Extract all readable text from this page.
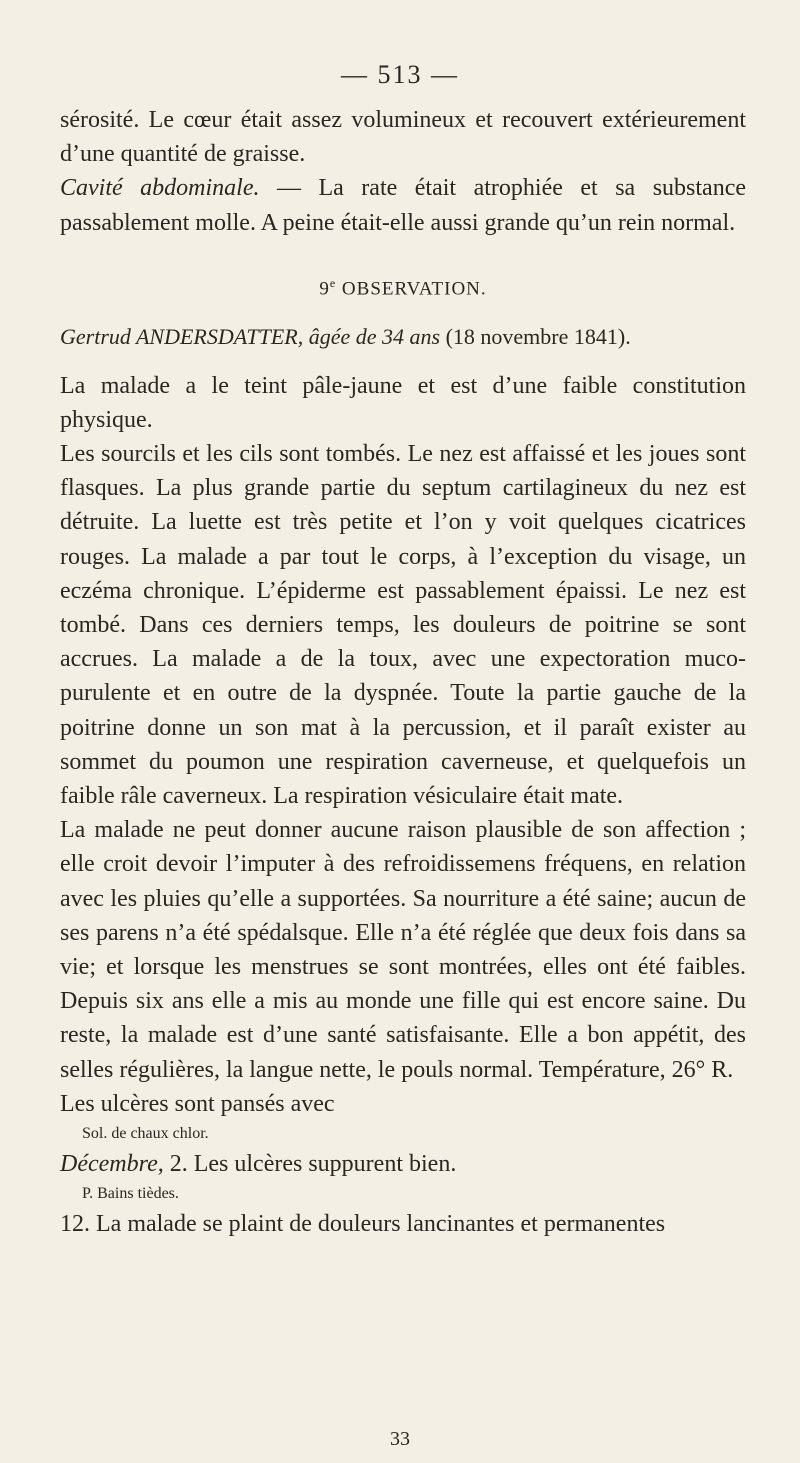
— 513 —

sérosité. Le cœur était assez volumineux et recouvert extérieurement d’une quantité de graisse.

Cavité abdominale. — La rate était atrophiée et sa substance passablement molle. A peine était-elle aussi grande qu’un rein normal.

9e OBSERVATION.
Gertrud ANDERSDATTER, âgée de 34 ans (18 novembre 1841).

La malade a le teint pâle-jaune et est d’une faible constitution physique.

Les sourcils et les cils sont tombés. Le nez est affaissé et les joues sont flasques. La plus grande partie du septum cartilagineux du nez est détruite. La luette est très petite et l’on y voit quelques cicatrices rouges. La malade a par tout le corps, à l’exception du visage, un eczéma chronique. L’épiderme est passablement épaissi. Le nez est tombé. Dans ces derniers temps, les douleurs de poitrine se sont accrues. La malade a de la toux, avec une expectoration muco-purulente et en outre de la dyspnée. Toute la partie gauche de la poitrine donne un son mat à la percussion, et il paraît exister au sommet du poumon une respiration caverneuse, et quelquefois un faible râle caverneux. La respiration vésiculaire était mate.

La malade ne peut donner aucune raison plausible de son affection ; elle croit devoir l’imputer à des refroidissemens fréquens, en relation avec les pluies qu’elle a supportées. Sa nourriture a été saine; aucun de ses parens n’a été spédalsque. Elle n’a été réglée que deux fois dans sa vie; et lorsque les menstrues se sont montrées, elles ont été faibles. Depuis six ans elle a mis au monde une fille qui est encore saine. Du reste, la malade est d’une santé satisfaisante. Elle a bon appétit, des selles régulières, la langue nette, le pouls normal. Température, 26° R.

Les ulcères sont pansés avec

Sol. de chaux chlor.

Décembre, 2. Les ulcères suppurent bien.

P. Bains tièdes.

12. La malade se plaint de douleurs lancinantes et permanentes

33
